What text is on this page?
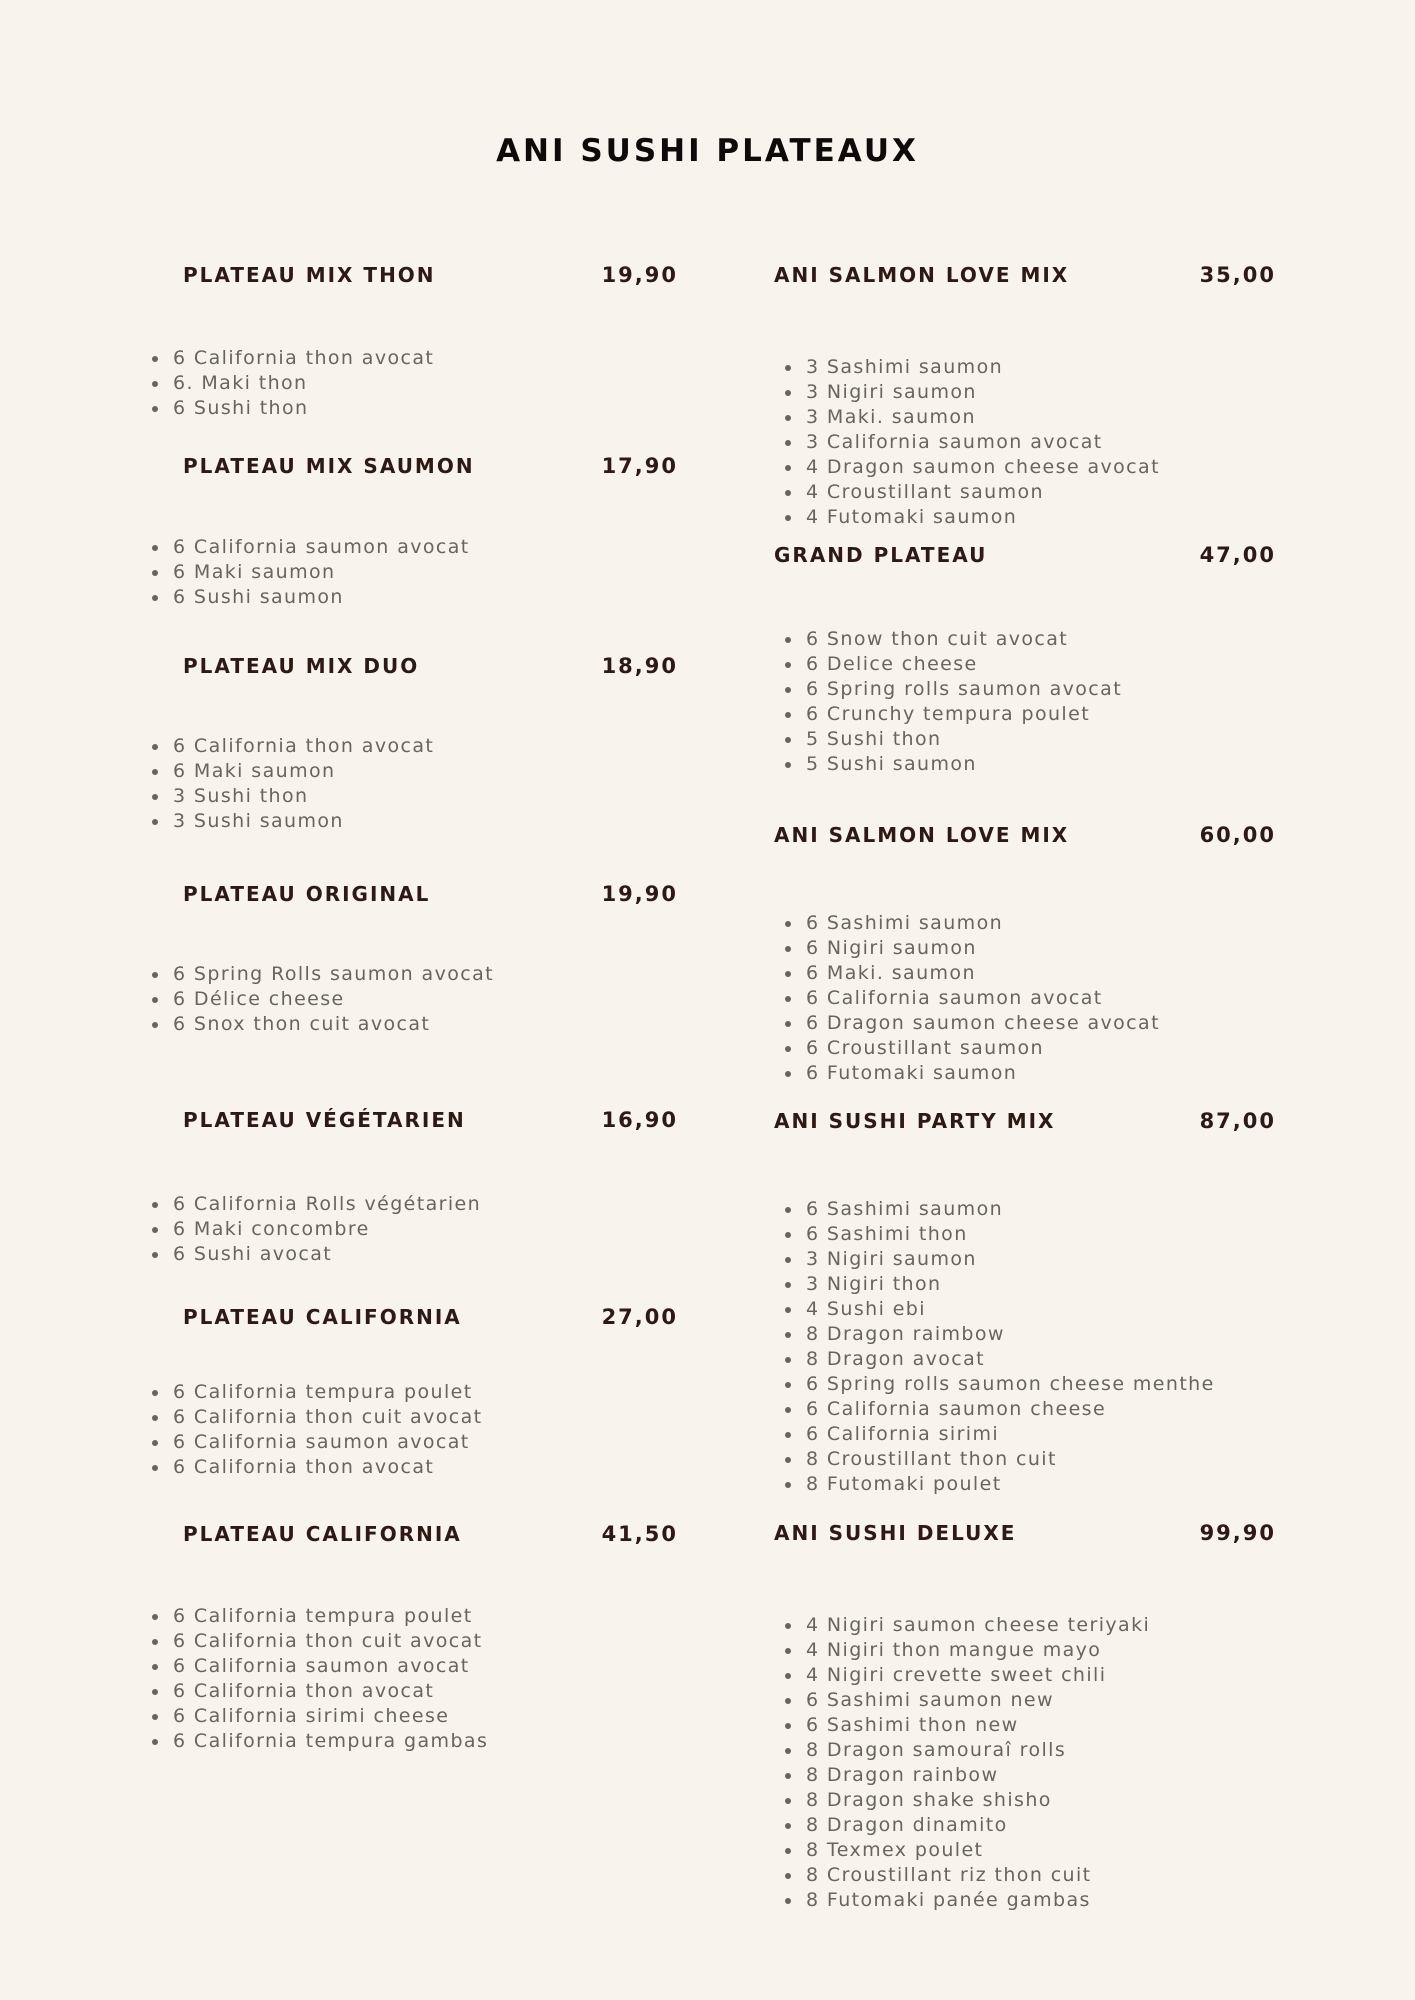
ANI SUSHI PLATEAUX
PLATEAU MIX THON	19,90
6 California thon avocat
6. Maki thon
6 Sushi thon
PLATEAU MIX SAUMON	17,90
6 California saumon avocat
6 Maki saumon
6 Sushi saumon
PLATEAU MIX DUO	18,90
6 California thon avocat
6 Maki saumon
3 Sushi thon
3 Sushi saumon
PLATEAU ORIGINAL	19,90
6 Spring Rolls saumon avocat
6 Délice cheese
6 Snox thon cuit avocat
PLATEAU VÉGÉTARIEN	16,90
6 California Rolls végétarien
6 Maki concombre
6 Sushi avocat
PLATEAU CALIFORNIA	27,00
6 California tempura poulet
6 California thon cuit avocat
6 California saumon avocat
6 California thon avocat
PLATEAU CALIFORNIA	41,50
6 California tempura poulet
6 California thon cuit avocat
6 California saumon avocat
6 California thon avocat
6 California sirimi cheese
6 California tempura gambas
ANI SALMON LOVE MIX	35,00
3 Sashimi saumon
3 Nigiri saumon
3 Maki. saumon
3 California saumon avocat
4 Dragon saumon cheese avocat
4 Croustillant saumon
4 Futomaki saumon
GRAND PLATEAU	47,00
6 Snow thon cuit avocat
6 Delice cheese
6 Spring rolls saumon avocat
6 Crunchy tempura poulet
5 Sushi thon
5 Sushi saumon
ANI SALMON LOVE MIX	60,00
6 Sashimi saumon
6 Nigiri saumon
6 Maki. saumon
6 California saumon avocat
6 Dragon saumon cheese avocat
6 Croustillant saumon
6 Futomaki saumon
ANI SUSHI PARTY MIX	87,00
6 Sashimi saumon
6 Sashimi thon
3 Nigiri saumon
3 Nigiri thon
4 Sushi ebi
8 Dragon raimbow
8 Dragon avocat
6 Spring rolls saumon cheese menthe
6 California saumon cheese
6 California sirimi
8 Croustillant thon cuit
8 Futomaki poulet
ANI SUSHI DELUXE	99,90
4 Nigiri saumon cheese teriyaki
4 Nigiri thon mangue mayo
4 Nigiri crevette sweet chili
6 Sashimi saumon new
6 Sashimi thon new
8 Dragon samouraî rolls
8 Dragon rainbow
8 Dragon shake shisho
8 Dragon dinamito
8 Texmex poulet
8 Croustillant riz thon cuit
8 Futomaki panée gambas
